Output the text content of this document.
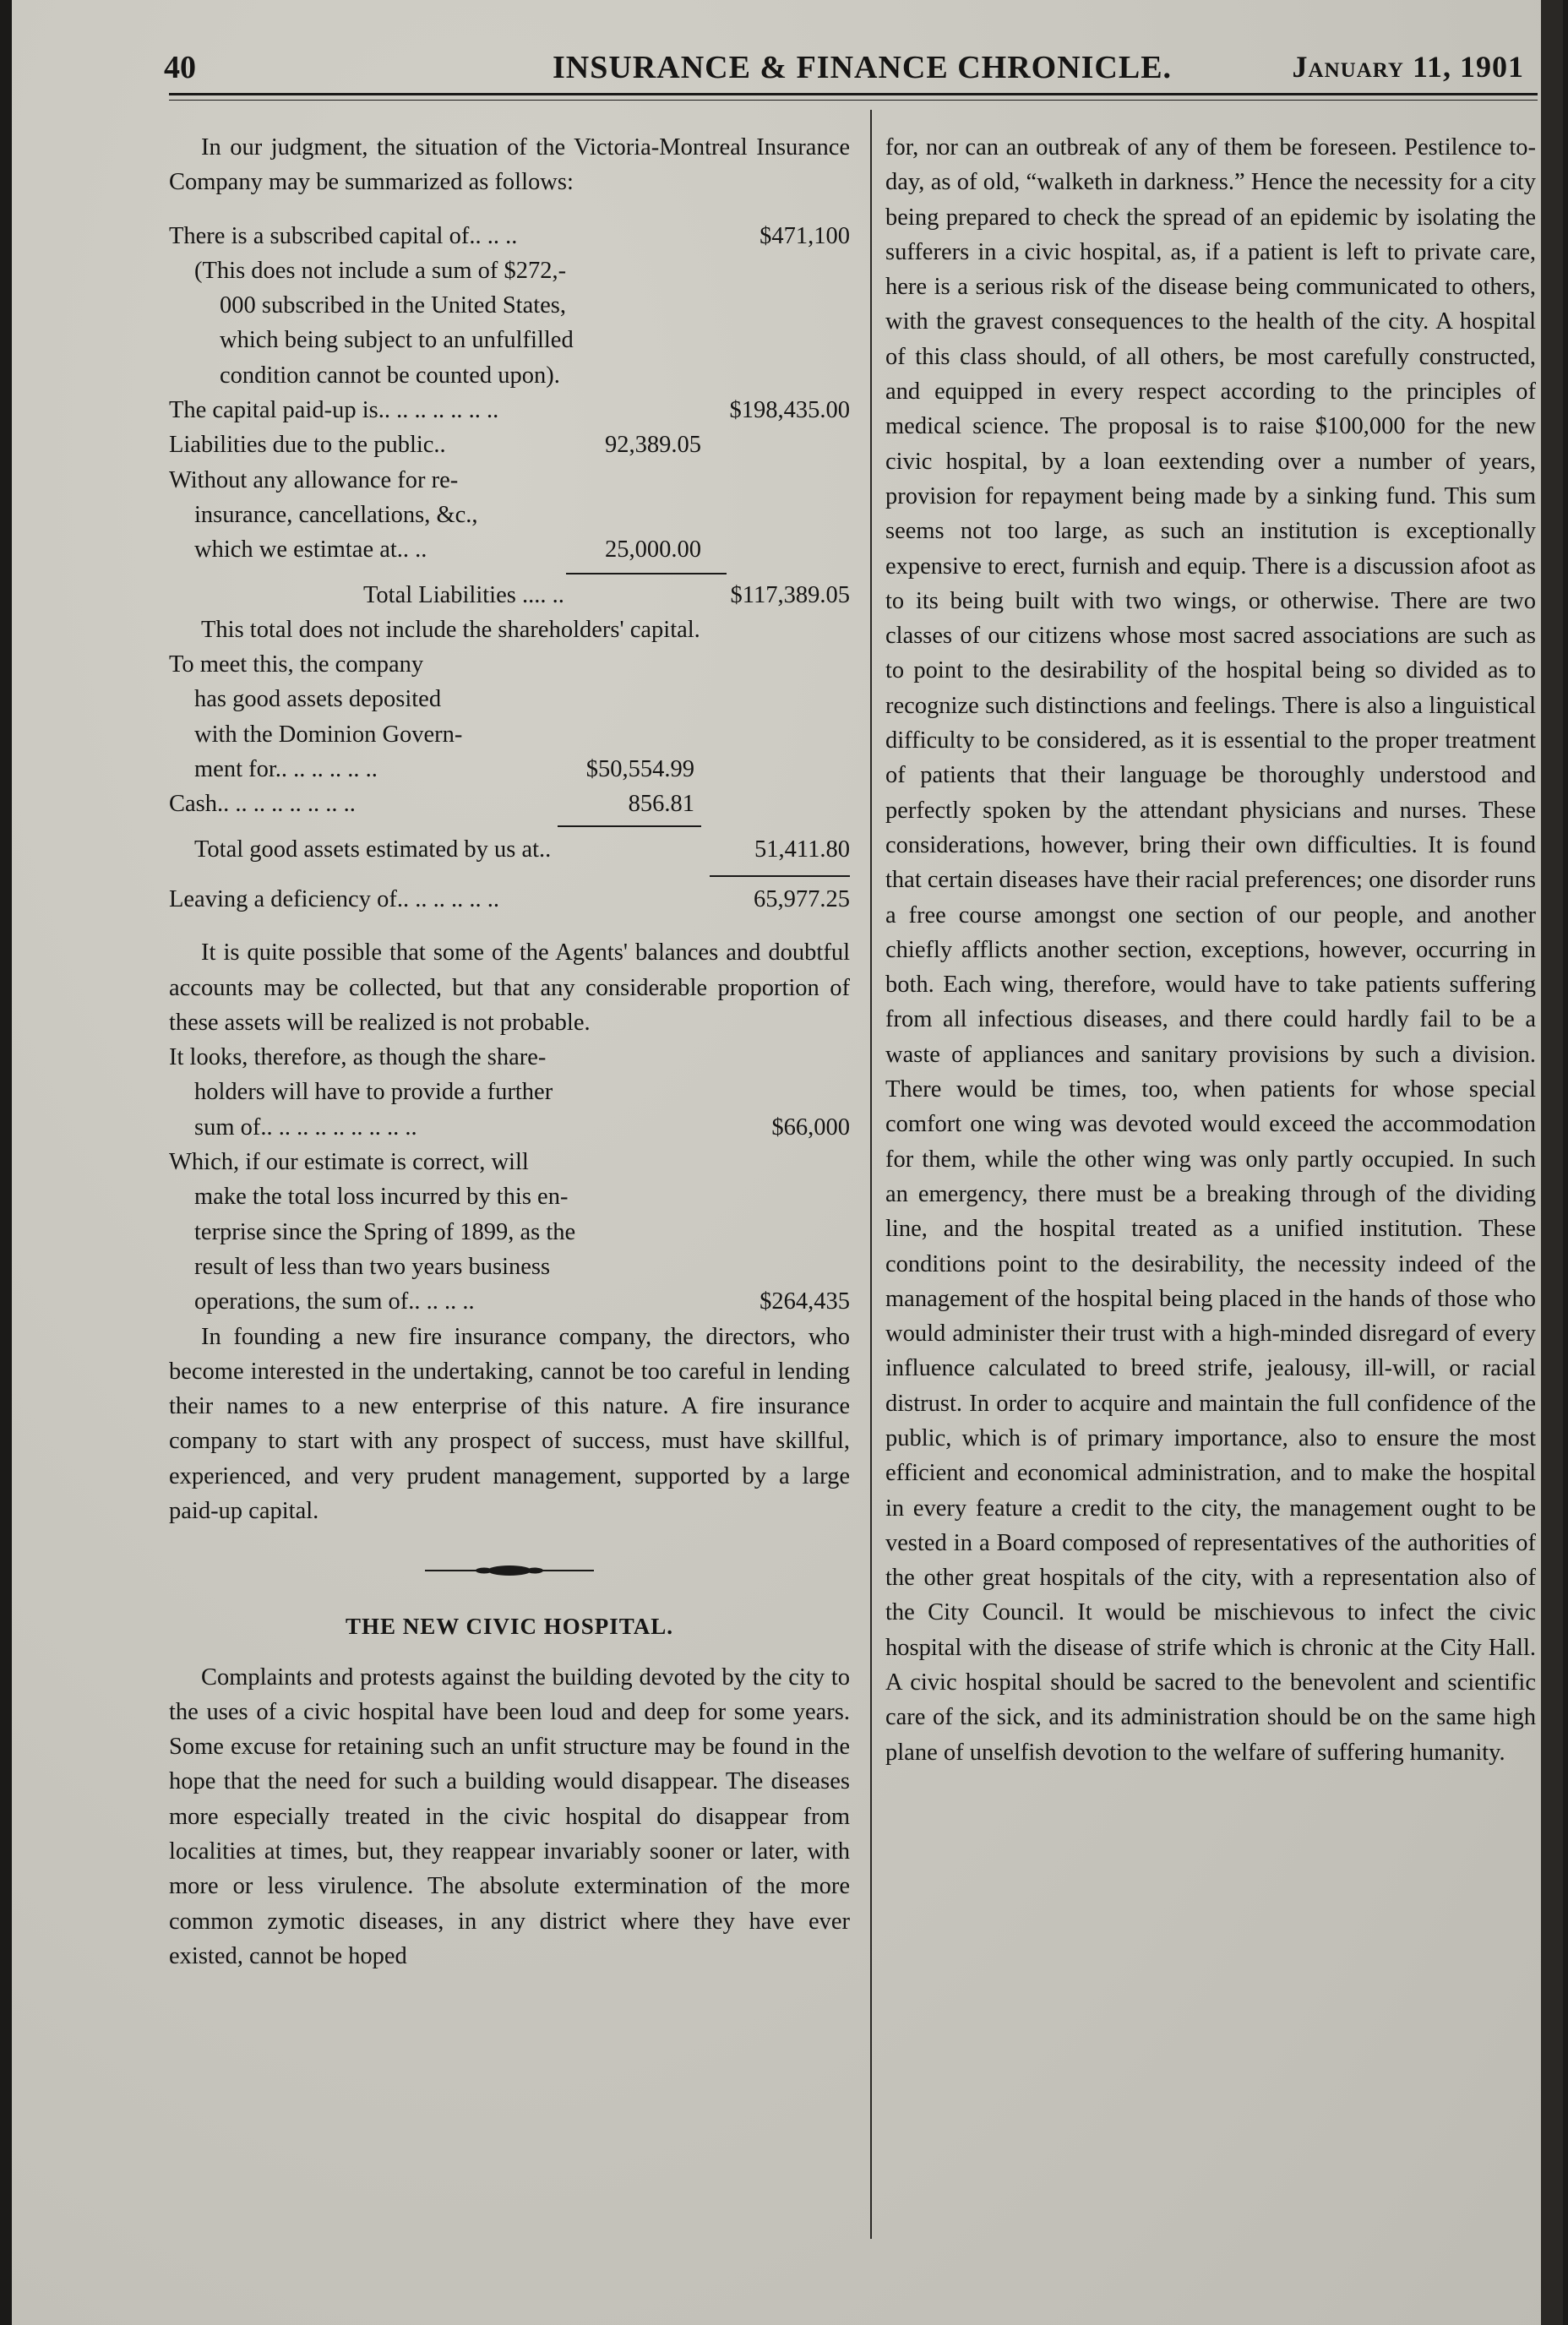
40	INSURANCE & FINANCE CHRONICLE.	January 11, 1901

In our judgment, the situation of the Victoria-Montreal Insurance Company may be summarized as follows:

There is a subscribed capital of.. .. ..	$471,100
(This does not include a sum of $272,-
000 subscribed in the United States,
which being subject to an unfulfilled
condition cannot be counted upon).
The capital paid-up is.. .. .. .. .. .. ..	$198,435.00
Liabilities due to the public..	92,389.05
Without any allowance for re-
insurance, cancellations, &c.,
which we estimtae at.. ..	25,000.00
Total Liabilities .... ..	$117,389.05

This total does not include the shareholders' capital.

To meet this, the company
has good assets deposited
with the Dominion Govern-
ment for.. .. .. .. .. ..	$50,554.99
Cash.. .. .. .. .. .. .. ..	856.81
Total good assets estimated by us at..	51,411.80
Leaving a deficiency of.. .. .. .. .. ..	65,977.25

It is quite possible that some of the Agents' balances and doubtful accounts may be collected, but that any considerable proportion of these assets will be realized is not probable.

It looks, therefore, as though the share-
holders will have to provide a further
sum of.. .. .. .. .. .. .. .. ..	$66,000
Which, if our estimate is correct, will
make the total loss incurred by this en-
terprise since the Spring of 1899, as the
result of less than two years business
operations, the sum of.. .. .. ..	$264,435

In founding a new fire insurance company, the directors, who become interested in the undertaking, cannot be too careful in lending their names to a new enterprise of this nature. A fire insurance company to start with any prospect of success, must have skillful, experienced, and very prudent management, supported by a large paid-up capital.

THE NEW CIVIC HOSPITAL.

Complaints and protests against the building devoted by the city to the uses of a civic hospital have been loud and deep for some years. Some excuse for retaining such an unfit structure may be found in the hope that the need for such a building would disappear. The diseases more especially treated in the civic hospital do disappear from localities at times, but, they reappear invariably sooner or later, with more or less virulence. The absolute extermination of the more common zymotic diseases, in any district where they have ever existed, cannot be hoped

for, nor can an outbreak of any of them be foreseen. Pestilence to-day, as of old, “walketh in darkness.” Hence the necessity for a city being prepared to check the spread of an epidemic by isolating the sufferers in a civic hospital, as, if a patient is left to private care, here is a serious risk of the disease being communicated to others, with the gravest consequences to the health of the city. A hospital of this class should, of all others, be most carefully constructed, and equipped in every respect according to the principles of medical science. The proposal is to raise $100,000 for the new civic hospital, by a loan eextending over a number of years, provision for repayment being made by a sinking fund. This sum seems not too large, as such an institution is exceptionally expensive to erect, furnish and equip. There is a discussion afoot as to its being built with two wings, or otherwise. There are two classes of our citizens whose most sacred associations are such as to point to the desirability of the hospital being so divided as to recognize such distinctions and feelings. There is also a linguistical difficulty to be considered, as it is essential to the proper treatment of patients that their language be thoroughly understood and perfectly spoken by the attendant physicians and nurses. These considerations, however, bring their own difficulties. It is found that certain diseases have their racial preferences; one disorder runs a free course amongst one section of our people, and another chiefly afflicts another section, exceptions, however, occurring in both. Each wing, therefore, would have to take patients suffering from all infectious diseases, and there could hardly fail to be a waste of appliances and sanitary provisions by such a division. There would be times, too, when patients for whose special comfort one wing was devoted would exceed the accommodation for them, while the other wing was only partly occupied. In such an emergency, there must be a breaking through of the dividing line, and the hospital treated as a unified institution. These conditions point to the desirability, the necessity indeed of the management of the hospital being placed in the hands of those who would administer their trust with a high-minded disregard of every influence calculated to breed strife, jealousy, ill-will, or racial distrust. In order to acquire and maintain the full confidence of the public, which is of primary importance, also to ensure the most efficient and economical administration, and to make the hospital in every feature a credit to the city, the management ought to be vested in a Board composed of representatives of the authorities of the other great hospitals of the city, with a representation also of the City Council. It would be mischievous to infect the civic hospital with the disease of strife which is chronic at the City Hall. A civic hospital should be sacred to the benevolent and scientific care of the sick, and its administration should be on the same high plane of unselfish devotion to the welfare of suffering humanity.
